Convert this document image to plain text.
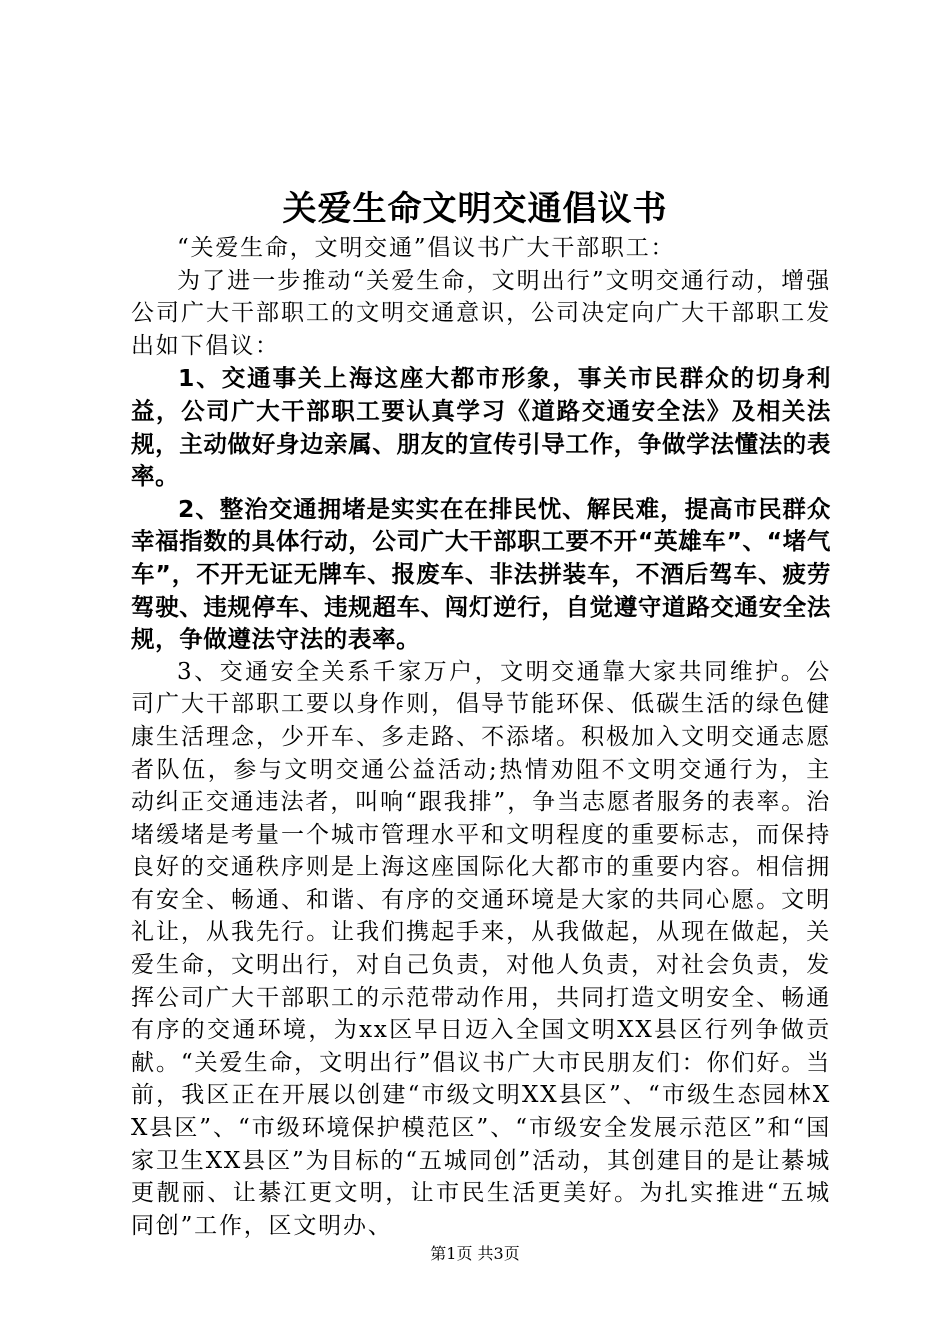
关爱生命文明交通倡议书

“关爱生命，文明交通”倡议书广大干部职工：

为了进一步推动“关爱生命，文明出行”文明交通行动，增强公司广大干部职工的文明交通意识，公司决定向广大干部职工发出如下倡议：

1、交通事关上海这座大都市形象，事关市民群众的切身利益，公司广大干部职工要认真学习《道路交通安全法》及相关法规，主动做好身边亲属、朋友的宣传引导工作，争做学法懂法的表率。

2、整治交通拥堵是实实在在排民忧、解民难，提高市民群众幸福指数的具体行动，公司广大干部职工要不开“英雄车”、“堵气车”，不开无证无牌车、报废车、非法拼装车，不酒后驾车、疲劳驾驶、违规停车、违规超车、闯灯逆行，自觉遵守道路交通安全法规，争做遵法守法的表率。

3、交通安全关系千家万户，文明交通靠大家共同维护。公司广大干部职工要以身作则，倡导节能环保、低碳生活的绿色健康生活理念，少开车、多走路、不添堵。积极加入文明交通志愿者队伍，参与文明交通公益活动;热情劝阻不文明交通行为，主动纠正交通违法者，叫响“跟我排”，争当志愿者服务的表率。治堵缓堵是考量一个城市管理水平和文明程度的重要标志，而保持良好的交通秩序则是上海这座国际化大都市的重要内容。相信拥有安全、畅通、和谐、有序的交通环境是大家的共同心愿。文明礼让，从我先行。让我们携起手来，从我做起，从现在做起，关爱生命，文明出行，对自己负责，对他人负责，对社会负责，发挥公司广大干部职工的示范带动作用，共同打造文明安全、畅通有序的交通环境，为xx区早日迈入全国文明XX县区行列争做贡献。“关爱生命，文明出行”倡议书广大市民朋友们：你们好。当前，我区正在开展以创建“市级文明XX县区”、“市级生态园林XX县区”、“市级环境保护模范区”、“市级安全发展示范区”和“国家卫生XX县区”为目标的“五城同创”活动，其创建目的是让綦城更靓丽、让綦江更文明，让市民生活更美好。为扎实推进“五城同创”工作，区文明办、

第1页 共3页
